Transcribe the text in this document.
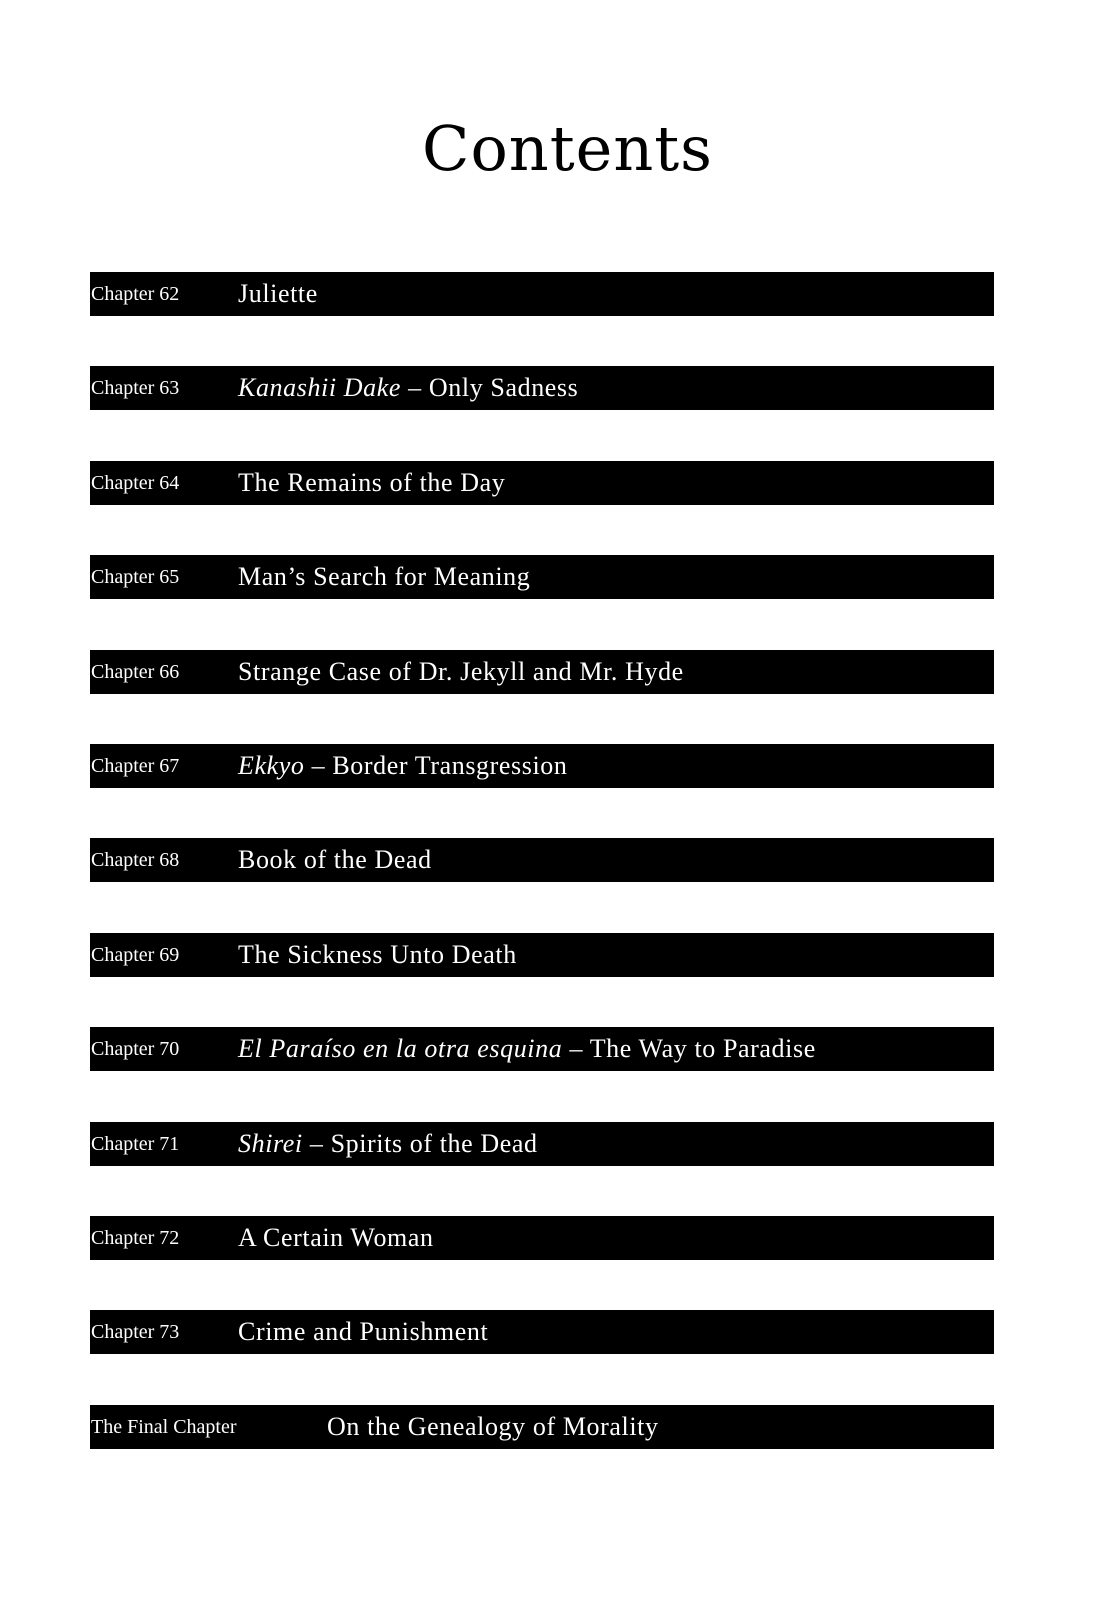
Contents
Chapter 62 Juliette
Chapter 63 Kanashii Dake – Only Sadness
Chapter 64 The Remains of the Day
Chapter 65 Man’s Search for Meaning
Chapter 66 Strange Case of Dr. Jekyll and Mr. Hyde
Chapter 67 Ekkyo – Border Transgression
Chapter 68 Book of the Dead
Chapter 69 The Sickness Unto Death
Chapter 70 El Paraíso en la otra esquina – The Way to Paradise
Chapter 71 Shirei – Spirits of the Dead
Chapter 72 A Certain Woman
Chapter 73 Crime and Punishment
The Final Chapter	On the Genealogy of Morality
